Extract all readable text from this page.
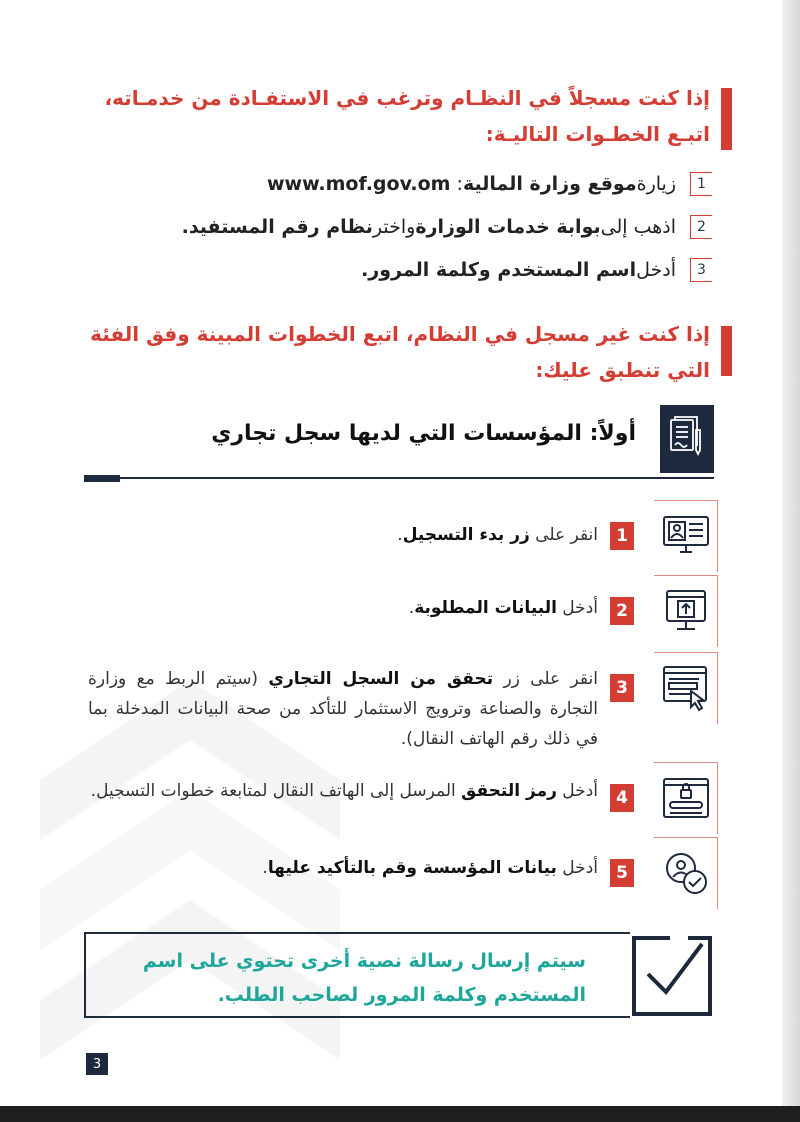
إذا كنت مسجلاً في النظـام وترغب في الاستفـادة من خدمـاته،
اتبـع الخطـوات التاليـة:
1
زيارة
موقع وزارة المالية
:

www.mof.gov.om
2
اذهب إلى
بوابة خدمات الوزارة
واختر
نظام رقم المستفيد.
3
أدخل
اسم المستخدم وكلمة المرور.
إذا كنت غير مسجل في النظام، اتبع الخطوات المبينة وفق الفئة
التي تنطبق عليك:
أولاً: المؤسسات التي لديها سجل تجاري
1
انقر على زر بدء التسجيل.
2
أدخل البيانات المطلوبة.
3
انقر على زر تحقق من السجل التجاري (سيتم الربط مع وزارة التجارة والصناعة وترويج الاستثمار للتأكد من صحة البيانات المدخلة بما في ذلك رقم الهاتف النقال).
4
أدخل رمز التحقق المرسل إلى الهاتف النقال لمتابعة خطوات التسجيل.
5
أدخل بيانات المؤسسة وقم بالتأكيد عليها.
سيتم إرسال رسالة نصية أخرى تحتوي على اسم
المستخدم وكلمة المرور لصاحب الطلب.
3
